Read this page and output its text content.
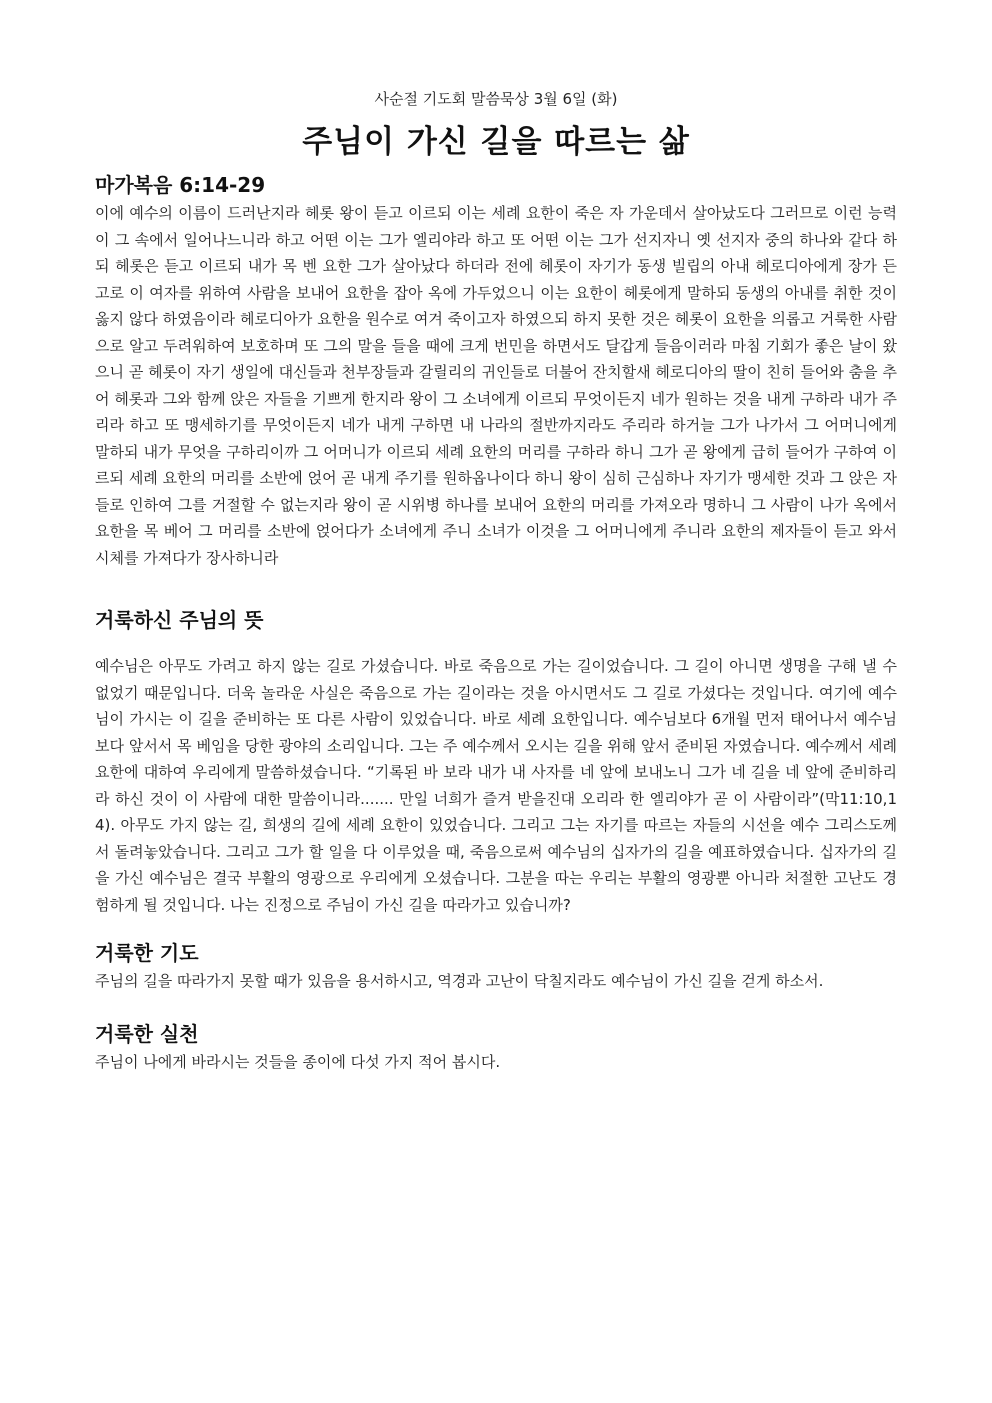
사순절 기도회 말씀묵상 3월 6일 (화)

주님이 가신 길을 따르는 삶
마가복음 6:14-29

이에 예수의 이름이 드러난지라 헤롯 왕이 듣고 이르되 이는 세례 요한이 죽은 자 가운데서 살아났도다 그러므로 이런 능력이 그 속에서 일어나느니라 하고 어떤 이는 그가 엘리야라 하고 또 어떤 이는 그가 선지자니 옛 선지자 중의 하나와 같다 하되 헤롯은 듣고 이르되 내가 목 벤 요한 그가 살아났다 하더라 전에 헤롯이 자기가 동생 빌립의 아내 헤로디아에게 장가 든 고로 이 여자를 위하여 사람을 보내어 요한을 잡아 옥에 가두었으니 이는 요한이 헤롯에게 말하되 동생의 아내를 취한 것이 옳지 않다 하였음이라 헤로디아가 요한을 원수로 여겨 죽이고자 하였으되 하지 못한 것은 헤롯이 요한을 의롭고 거룩한 사람으로 알고 두려워하여 보호하며 또 그의 말을 들을 때에 크게 번민을 하면서도 달갑게 들음이러라 마침 기회가 좋은 날이 왔으니 곧 헤롯이 자기 생일에 대신들과 천부장들과 갈릴리의 귀인들로 더불어 잔치할새 헤로디아의 딸이 친히 들어와 춤을 추어 헤롯과 그와 함께 앉은 자들을 기쁘게 한지라 왕이 그 소녀에게 이르되 무엇이든지 네가 원하는 것을 내게 구하라 내가 주리라 하고 또 맹세하기를 무엇이든지 네가 내게 구하면 내 나라의 절반까지라도 주리라 하거늘 그가 나가서 그 어머니에게 말하되 내가 무엇을 구하리이까 그 어머니가 이르되 세례 요한의 머리를 구하라 하니 그가 곧 왕에게 급히 들어가 구하여 이르되 세례 요한의 머리를 소반에 얹어 곧 내게 주기를 원하옵나이다 하니 왕이 심히 근심하나 자기가 맹세한 것과 그 앉은 자들로 인하여 그를 거절할 수 없는지라 왕이 곧 시위병 하나를 보내어 요한의 머리를 가져오라 명하니 그 사람이 나가 옥에서 요한을 목 베어 그 머리를 소반에 얹어다가 소녀에게 주니 소녀가 이것을 그 어머니에게 주니라 요한의 제자들이 듣고 와서 시체를 가져다가 장사하니라

거룩하신 주님의 뜻

예수님은 아무도 가려고 하지 않는 길로 가셨습니다. 바로 죽음으로 가는 길이었습니다. 그 길이 아니면 생명을 구해 낼 수 없었기 때문입니다. 더욱 놀라운 사실은 죽음으로 가는 길이라는 것을 아시면서도 그 길로 가셨다는 것입니다. 여기에 예수님이 가시는 이 길을 준비하는 또 다른 사람이 있었습니다. 바로 세례 요한입니다. 예수님보다 6개월 먼저 태어나서 예수님보다 앞서서 목 베임을 당한 광야의 소리입니다. 그는 주 예수께서 오시는 길을 위해 앞서 준비된 자였습니다. 예수께서 세례 요한에 대하여 우리에게 말씀하셨습니다. “기록된 바 보라 내가 내 사자를 네 앞에 보내노니 그가 네 길을 네 앞에 준비하리라 하신 것이 이 사람에 대한 말씀이니라....... 만일 너희가 즐겨 받을진대 오리라 한 엘리야가 곧 이 사람이라”(막11:10,14). 아무도 가지 않는 길, 희생의 길에 세례 요한이 있었습니다. 그리고 그는 자기를 따르는 자들의 시선을 예수 그리스도께서 돌려놓았습니다. 그리고 그가 할 일을 다 이루었을 때, 죽음으로써 예수님의 십자가의 길을 예표하였습니다. 십자가의 길을 가신 예수님은 결국 부활의 영광으로 우리에게 오셨습니다. 그분을 따는 우리는 부활의 영광뿐 아니라 처절한 고난도 경험하게 될 것입니다. 나는 진정으로 주님이 가신 길을 따라가고 있습니까?

거룩한 기도

주님의 길을 따라가지 못할 때가 있음을 용서하시고, 역경과 고난이 닥칠지라도 예수님이 가신 길을 걷게 하소서.

거룩한 실천

주님이 나에게 바라시는 것들을 종이에 다섯 가지 적어 봅시다.
